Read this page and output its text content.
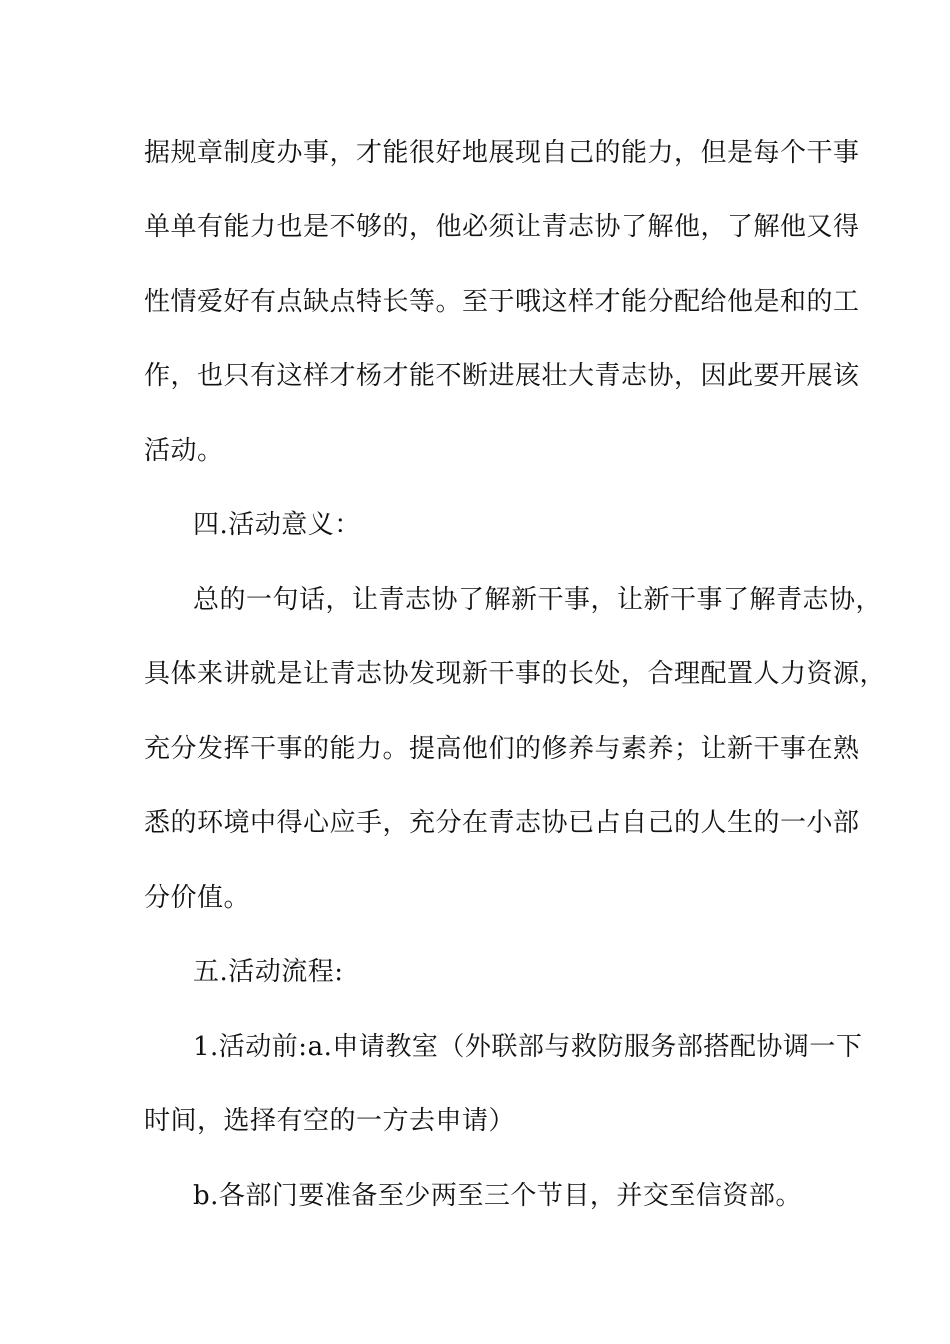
据规章制度办事，才能很好地展现自己的能力，但是每个干事
单单有能力也是不够的，他必须让青志协了解他，了解他又得
性情爱好有点缺点特长等。至于哦这样才能分配给他是和的工
作，也只有这样才杨才能不断进展壮大青志协，因此要开展该
活动。
四.活动意义：
总的一句话，让青志协了解新干事，让新干事了解青志协，
具体来讲就是让青志协发现新干事的长处，合理配置人力资源，
充分发挥干事的能力。提高他们的修养与素养；让新干事在熟
悉的环境中得心应手，充分在青志协已占自己的人生的一小部
分价值。
五.活动流程:
1.活动前:a.申请教室（外联部与救防服务部搭配协调一下
时间，选择有空的一方去申请）
b.各部门要准备至少两至三个节目，并交至信资部。
